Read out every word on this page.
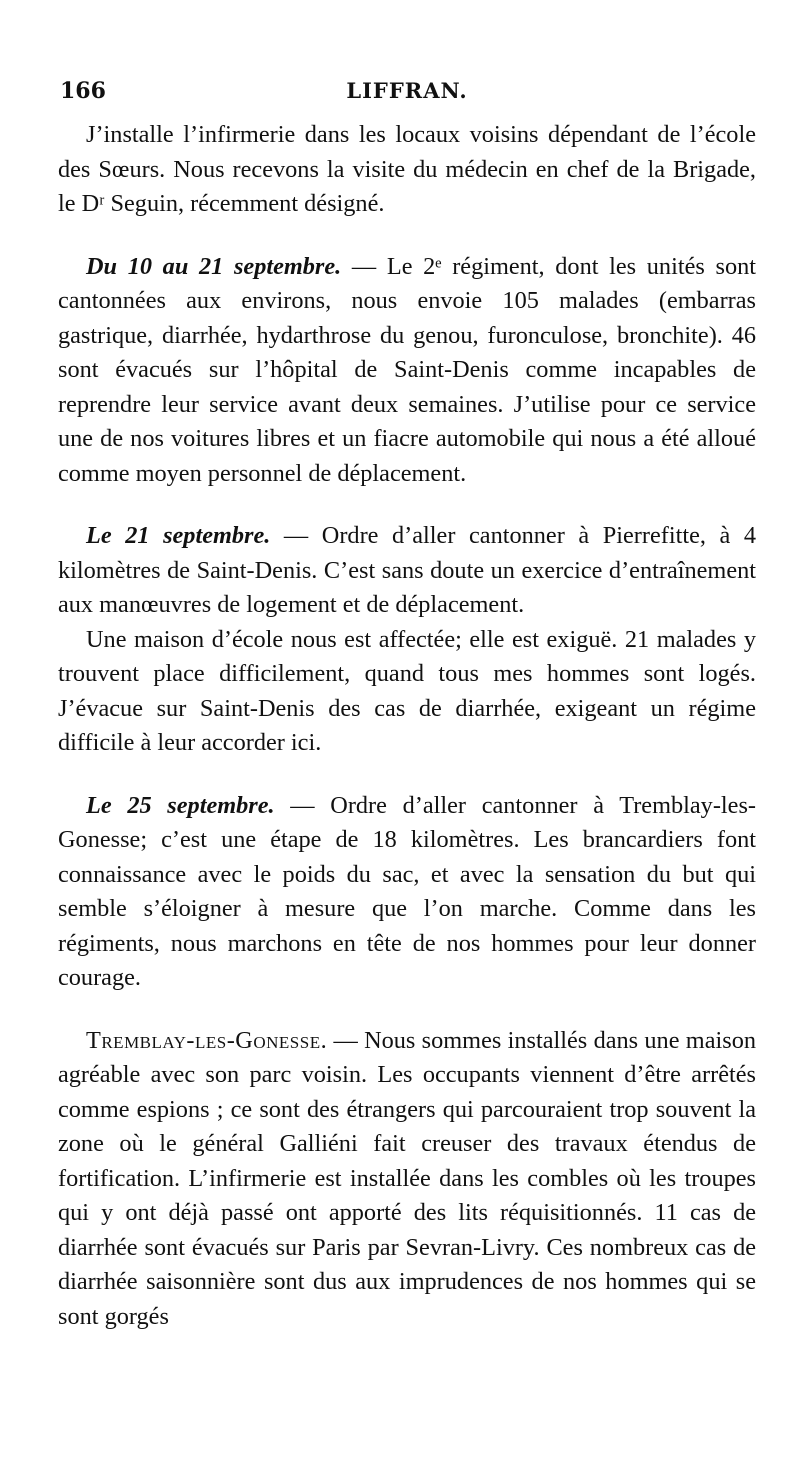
166	LIFFRAN.

J’installe l’infirmerie dans les locaux voisins dépendant de l’école des Sœurs. Nous recevons la visite du médecin en chef de la Brigade, le Dʳ Seguin, récemment désigné.

Du 10 au 21 septembre. — Le 2ᵉ régiment, dont les unités sont cantonnées aux environs, nous envoie 105 malades (embarras gastrique, diarrhée, hydarthrose du genou, furonculose, bronchite). 46 sont évacués sur l’hôpital de Saint-Denis comme incapables de reprendre leur service avant deux semaines. J’utilise pour ce service une de nos voitures libres et un fiacre automobile qui nous a été alloué comme moyen personnel de déplacement.

Le 21 septembre. — Ordre d’aller cantonner à Pierrefitte, à 4 kilomètres de Saint-Denis. C’est sans doute un exercice d’entraînement aux manœuvres de logement et de déplacement.

Une maison d’école nous est affectée; elle est exiguë. 21 malades y trouvent place difficilement, quand tous mes hommes sont logés. J’évacue sur Saint-Denis des cas de diarrhée, exigeant un régime difficile à leur accorder ici.

Le 25 septembre. — Ordre d’aller cantonner à Tremblay-les-Gonesse; c’est une étape de 18 kilomètres. Les brancardiers font connaissance avec le poids du sac, et avec la sensation du but qui semble s’éloigner à mesure que l’on marche. Comme dans les régiments, nous marchons en tête de nos hommes pour leur donner courage.

Tremblay-les-Gonesse. — Nous sommes installés dans une maison agréable avec son parc voisin. Les occupants viennent d’être arrêtés comme espions ; ce sont des étrangers qui parcouraient trop souvent la zone où le général Galliéni fait creuser des travaux étendus de fortification. L’infirmerie est installée dans les combles où les troupes qui y ont déjà passé ont apporté des lits réquisitionnés. 11 cas de diarrhée sont évacués sur Paris par Sevran-Livry. Ces nombreux cas de diarrhée saisonnière sont dus aux imprudences de nos hommes qui se sont gorgés
